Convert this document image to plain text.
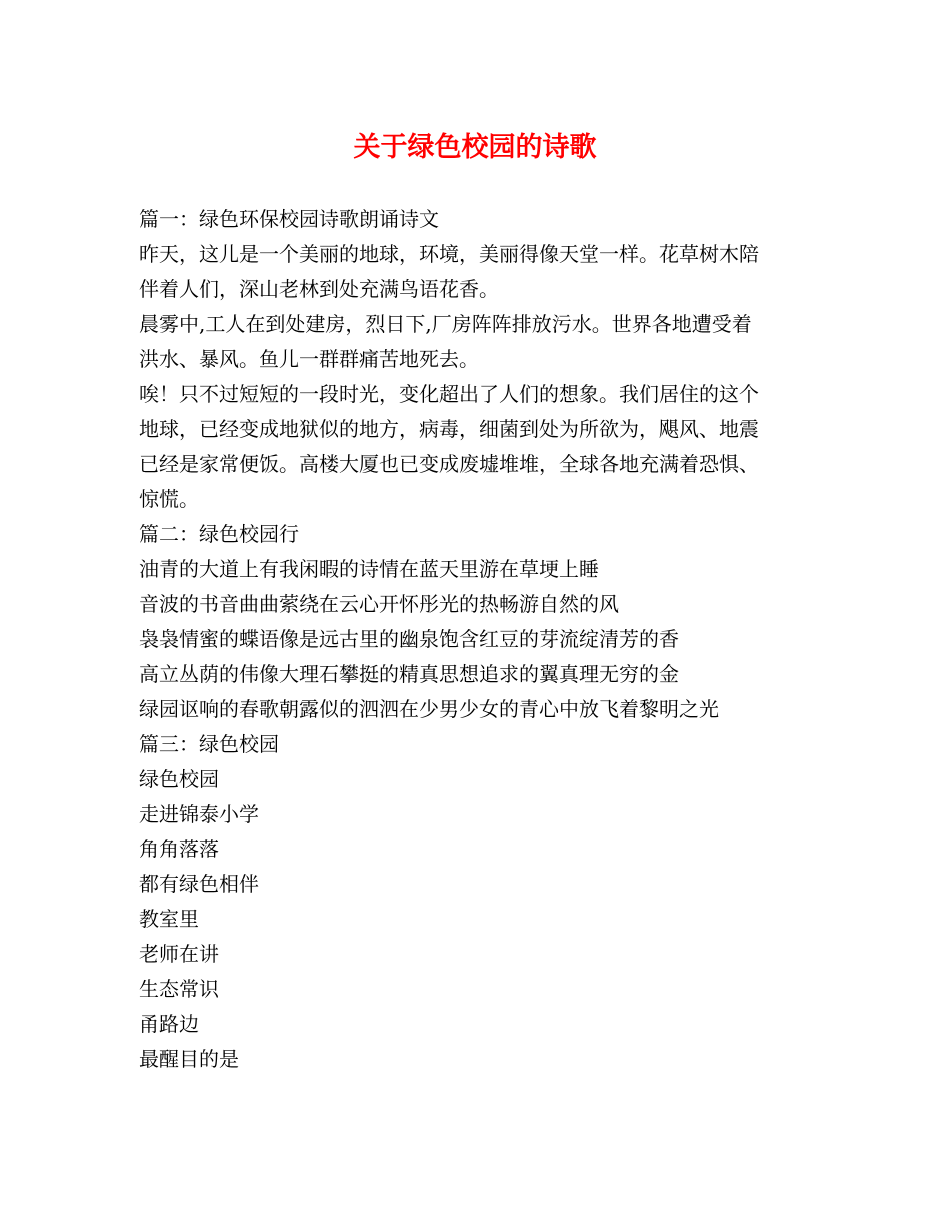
关于绿色校园的诗歌
篇一：绿色环保校园诗歌朗诵诗文
昨天，这儿是一个美丽的地球，环境，美丽得像天堂一样。花草树木陪
伴着人们，深山老林到处充满鸟语花香。
晨雾中,工人在到处建房，烈日下,厂房阵阵排放污水。世界各地遭受着
洪水、暴风。鱼儿一群群痛苦地死去。
唉！只不过短短的一段时光，变化超出了人们的想象。我们居住的这个
地球，已经变成地狱似的地方，病毒，细菌到处为所欲为，飓风、地震
已经是家常便饭。高楼大厦也已变成废墟堆堆，全球各地充满着恐惧、
惊慌。
篇二：绿色校园行
油青的大道上有我闲暇的诗情在蓝天里游在草埂上睡
音波的书音曲曲萦绕在云心开怀彤光的热畅游自然的风
袅袅情蜜的蝶语像是远古里的幽泉饱含红豆的芽流绽清芳的香
高立丛荫的伟像大理石攀挺的精真思想追求的翼真理无穷的金
绿园讴响的春歌朝露似的泗泗在少男少女的青心中放飞着黎明之光
篇三：绿色校园
绿色校园
走进锦泰小学
角角落落
都有绿色相伴
教室里
老师在讲
生态常识
甬路边
最醒目的是
